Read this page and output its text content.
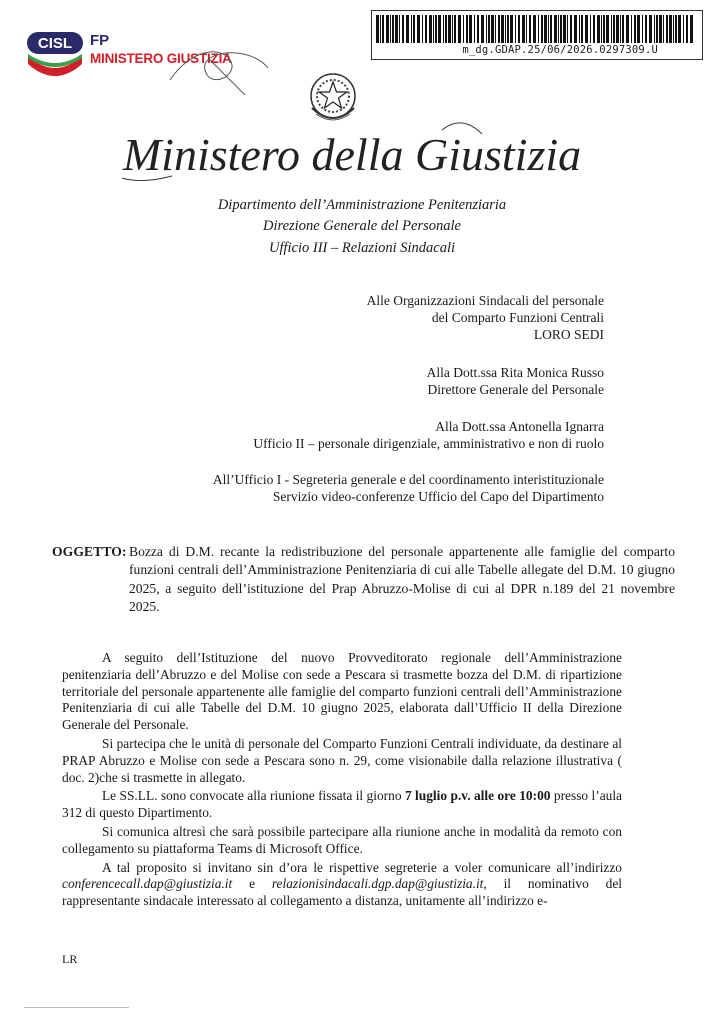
CISL FP
MINISTERO GIUSTIZIA
m_dg.GDAP.25/06/2026.0297309.U
Ministero della Giustizia
Dipartimento dell’Amministrazione Penitenziaria
Direzione Generale del Personale
Ufficio III – Relazioni Sindacali
Alle Organizzazioni Sindacali del personale
del Comparto Funzioni Centrali
LORO SEDI
Alla Dott.ssa Rita Monica Russo
Direttore Generale del Personale
Alla Dott.ssa Antonella Ignarra
Ufficio II – personale dirigenziale, amministrativo e non di ruolo
All’Ufficio I - Segreteria generale e del coordinamento interistituzionale
Servizio video-conferenze Ufficio del Capo del Dipartimento
OGGETTO: Bozza di D.M. recante la redistribuzione del personale appartenente alle famiglie del comparto funzioni centrali dell’Amministrazione Penitenziaria di cui alle Tabelle allegate del D.M. 10 giugno 2025, a seguito dell’istituzione del Prap Abruzzo-Molise di cui al DPR n.189 del 21 novembre 2025.

A seguito dell’Istituzione del nuovo Provveditorato regionale dell’Amministrazione penitenziaria dell’Abruzzo e del Molise con sede a Pescara si trasmette bozza del D.M. di ripartizione territoriale del personale appartenente alle famiglie del comparto funzioni centrali dell’Amministrazione Penitenziaria di cui alle Tabelle del D.M. 10 giugno 2025, elaborata dall’Ufficio II della Direzione Generale del Personale.

Si partecipa che le unità di personale del Comparto Funzioni Centrali individuate, da destinare al PRAP Abruzzo e Molise con sede a Pescara sono n. 29, come visionabile dalla relazione illustrativa ( doc. 2)che si trasmette in allegato.

Le SS.LL. sono convocate alla riunione fissata il giorno 7 luglio p.v. alle ore 10:00 presso l’aula 312 di questo Dipartimento.

Si comunica altresì che sarà possibile partecipare alla riunione anche in modalità da remoto con collegamento su piattaforma Teams di Microsoft Office.

A tal proposito si invitano sin d’ora le rispettive segreterie a voler comunicare all’indirizzo conferencecall.dap@giustizia.it e relazionisindacali.dgp.dap@giustizia.it, il nominativo del rappresentante sindacale interessato al collegamento a distanza, unitamente all’indirizzo e-

LR
